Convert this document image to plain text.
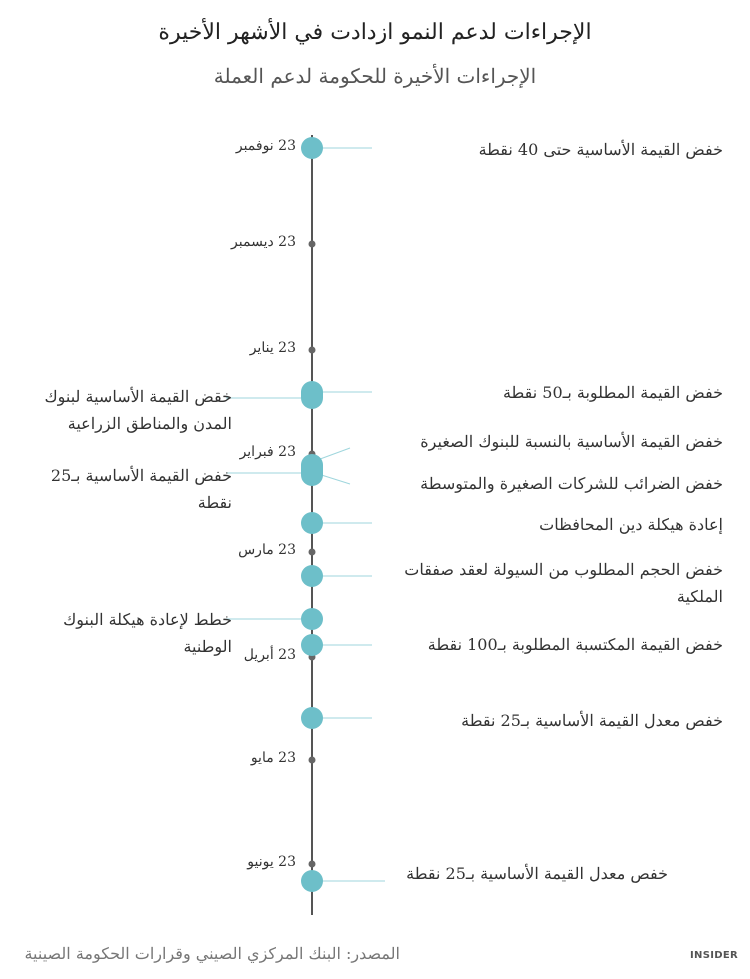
الإجراءات لدعم النمو ازدادت في الأشهر الأخيرة
الإجراءات الأخيرة للحكومة لدعم العملة
23 نوفمبر
23 ديسمبر
23 يناير
23 فبراير
23 مارس
23 أبريل
23 مايو
23 يونيو
خفض القيمة الأساسية حتى 40 نقطة
خفض القيمة المطلوبة بـ50 نقطة
خفض القيمة الأساسية بالنسبة للبنوك الصغيرة
خفض الضرائب للشركات الصغيرة والمتوسطة
إعادة هيكلة دين المحافظات
خفض الحجم المطلوب من السيولة لعقد صفقات الملكية
خفض القيمة المكتسبة المطلوبة بـ100 نقطة
خفص معدل القيمة الأساسية بـ25 نقطة
خفص معدل القيمة الأساسية بـ25 نقطة
خقض القيمة الأساسية لبنوك المدن والمناطق الزراعية
خفض القيمة الأساسية بـ25 نقطة
خطط لإعادة هيكلة البنوك الوطنية
المصدر: البنك المركزي الصيني وقرارات الحكومة الصينية	INSIDER
